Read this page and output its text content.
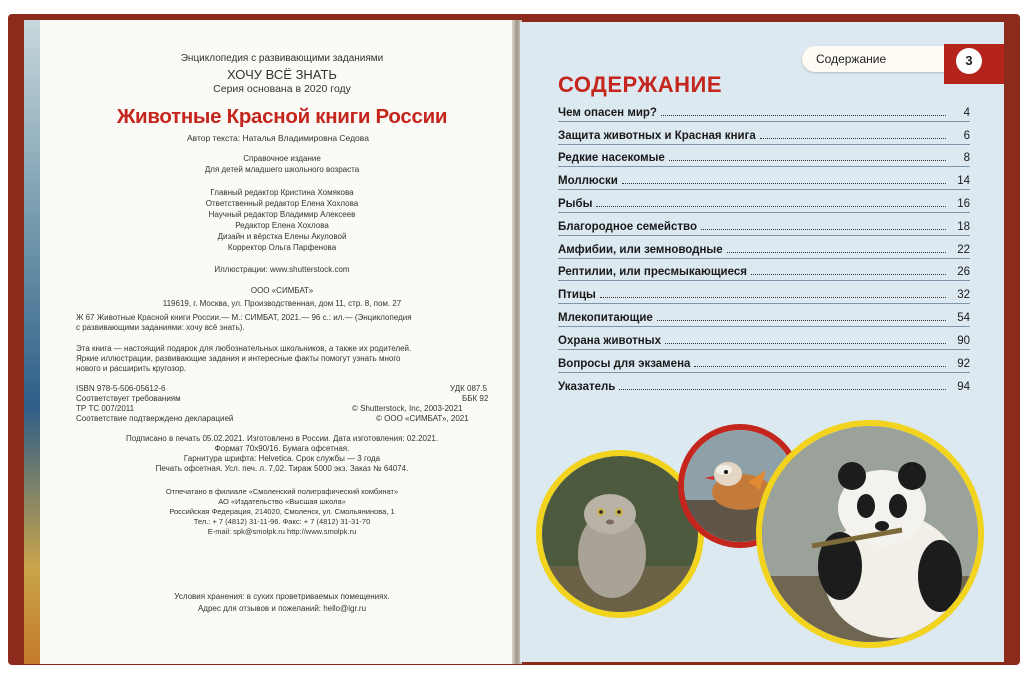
Энциклопедия с развивающими заданиями
ХОЧУ ВСЁ ЗНАТЬ
Серия основана в 2020 году
Животные Красной книги России
Автор текста: Наталья Владимировна Седова
Справочное издание
Для детей младшего школьного возраста
Главный редактор Кристина Хомякова
Ответственный редактор Елена Хохлова
Научный редактор Владимир Алексеев
Редактор Елена Хохлова
Дизайн и вёрстка Елены Акуловой
Корректор Ольга Парфенова
Иллюстрации: www.shutterstock.com
ООО «СИМБАТ»
119619, г. Москва, ул. Производственная, дом 11, стр. 8, пом. 27
Ж 67 Животные Красной книги России.— М.: СИМБАТ, 2021.— 96 с.: ил.— (Энциклопедия
с развивающими заданиями: хочу всё знать).
Эта книга — настоящий подарок для любознательных школьников, а также их родителей.
Яркие иллюстрации, развивающие задания и интересные факты помогут узнать много
нового и расширить кругозор.
ISBN 978-5-506-05612-6	УДК 087.5
Соответствует требованиям	ББК 92
ТР ТС 007/2011	© Shutterstock, Inc, 2003-2021
Соответствие подтверждено декларацией	© ООО «СИМБАТ», 2021
Подписано в печать 05.02.2021. Изготовлено в России. Дата изготовления: 02.2021.
Формат 70х90/16. Бумага офсетная.
Гарнитура шрифта: Helvetica. Срок службы — 3 года
Печать офсетная. Усл. печ. л. 7,02. Тираж 5000 экз. Заказ № 64074.
Отпечатано в филиале «Смоленский полиграфический комбинат»
АО «Издательство «Высшая школа»
Российская Федерация, 214020, Смоленск, ул. Смольянинова, 1
Тел.: + 7 (4812) 31-11-96. Факс: + 7 (4812) 31-31-70
E-mail: spk@smolpk.ru http://www.smolpk.ru
Условия хранения: в сухих проветриваемых помещениях.
Адрес для отзывов и пожеланий: hello@igr.ru
Содержание	3
СОДЕРЖАНИЕ
Чем опасен мир?	4
Защита животных и Красная книга	6
Редкие насекомые	8
Моллюски	14
Рыбы	16
Благородное семейство	18
Амфибии, или земноводные	22
Рептилии, или пресмыкающиеся	26
Птицы	32
Млекопитающие	54
Охрана животных	90
Вопросы для экзамена	92
Указатель	94
